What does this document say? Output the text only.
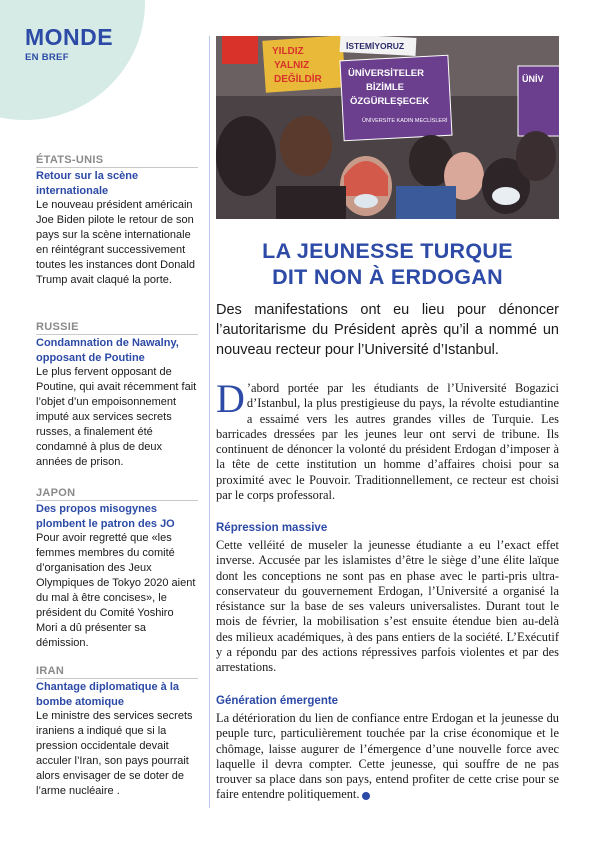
MONDE
EN BREF
ÉTATS-UNIS
Retour sur la scène internationale
Le nouveau président américain Joe Biden pilote le retour de son pays sur la scène internationale en réintégrant successivement toutes les instances dont Donald Trump avait claqué la porte.
RUSSIE
Condamnation de Nawalny, opposant de Poutine
Le plus fervent opposant de Poutine, qui avait récemment fait l’objet d’un empoisonnement imputé aux services secrets russes, a finalement été condamné à plus de deux années de prison.
JAPON
Des propos misogynes plombent le patron des JO
Pour avoir regretté que «les femmes membres du comité d’organisation des Jeux Olympiques de Tokyo 2020 aient du mal à être concises», le président du Comité Yoshiro Mori a dû présenter sa démission.
IRAN
Chantage diplomatique à la bombe atomique
Le ministre des services secrets iraniens a indiqué que si la pression occidentale devait acculer l’Iran, son pays pourrait alors envisager de se doter de l’arme nucléaire .
YILDIZ
YALNIZ
DEĞİLDİR
İSTEMİYORUZ
ÜNİVERSİTELER
BİZİMLE
ÖZGÜRLEŞECEK
ÜNİVERSİTE KADIN MECLİSLERİ
ÜNİV
LA JEUNESSE TURQUE
DIT NON À ERDOGAN
Des manifestations ont eu lieu pour dénoncer l’autoritarisme du Président après qu’il a nommé un nouveau recteur pour l’Université d’Istanbul.

D ’abord portée par les étudiants de l’Université Bogazici d’Istanbul, la plus prestigieuse du pays, la révolte estudiantine a essaimé vers les autres grandes villes de Turquie. Les barricades dressées par les jeunes leur ont servi de tribune. Ils continuent de dénoncer la volonté du président Erdogan d’imposer à la tête de cette institution un homme d’affaires choisi pour sa proximité avec le Pouvoir. Traditionnellement, ce recteur est choisi par le corps professoral.

Répression massive

Cette velléité de museler la jeunesse étudiante a eu l’exact effet inverse. Accusée par les islamistes d’être le siège d’une élite laïque dont les conceptions ne sont pas en phase avec le parti-pris ultra-conservateur du gouvernement Erdogan, l’Université a organisé la résistance sur la base de ses valeurs universalistes. Durant tout le mois de février, la mobilisation s’est ensuite étendue bien au-delà des milieux académiques, à des pans entiers de la société. L’Exécutif y a répondu par des actions répressives parfois violentes et par des arrestations.

Génération émergente

La détérioration du lien de confiance entre Erdogan et la jeunesse du peuple turc, particulièrement touchée par la crise économique et le chômage, laisse augurer de l’émergence d’une nouvelle force avec laquelle il devra compter. Cette jeunesse, qui souffre de ne pas trouver sa place dans son pays, entend profiter de cette crise pour se faire entendre politiquement.
